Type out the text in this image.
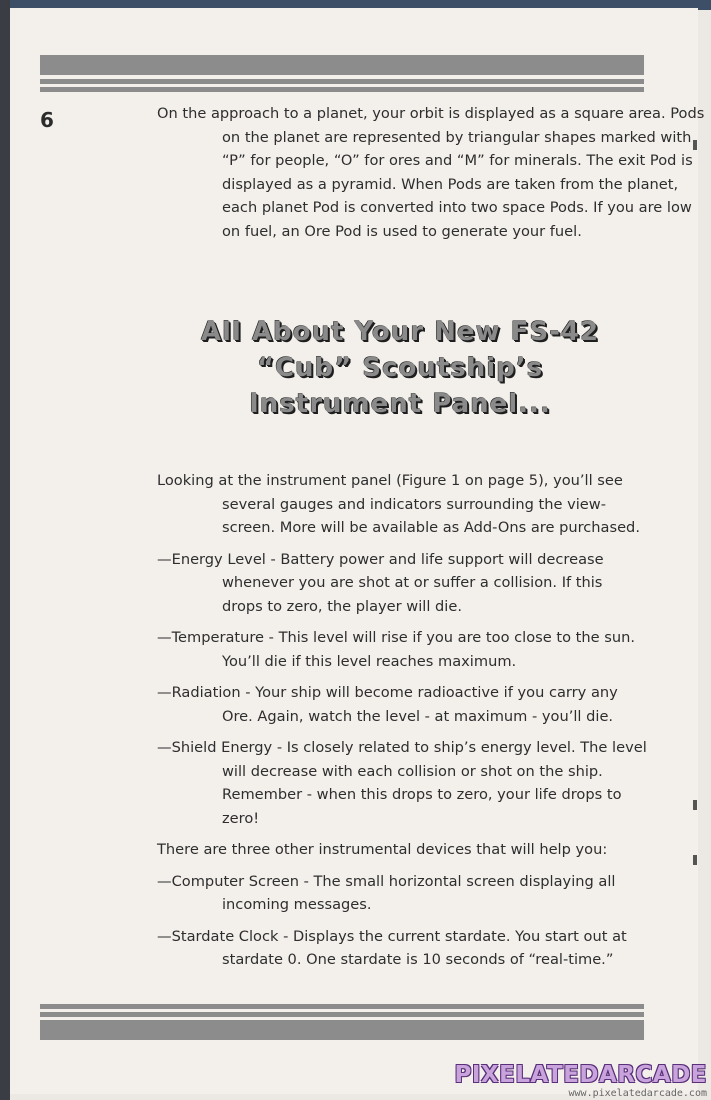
6	On the approach to a planet, your orbit is displayed as a square area. Pods on the planet are represented by triangular shapes marked with “P” for people, “O” for ores and “M” for minerals. The exit Pod is displayed as a pyramid. When Pods are taken from the planet, each planet Pod is converted into two space Pods. If you are low on fuel, an Ore Pod is used to generate your fuel.

All About Your New FS-42
“Cub” Scoutship’s
Instrument Panel...

Looking at the instrument panel (Figure 1 on page 5), you’ll see several gauges and indicators surrounding the view-screen. More will be available as Add-Ons are purchased.

—Energy Level - Battery power and life support will decrease whenever you are shot at or suffer a collision. If this drops to zero, the player will die.

—Temperature - This level will rise if you are too close to the sun. You’ll die if this level reaches maximum.

—Radiation - Your ship will become radioactive if you carry any Ore. Again, watch the level - at maximum - you’ll die.

—Shield Energy - Is closely related to ship’s energy level. The level will decrease with each collision or shot on the ship. Remember - when this drops to zero, your life drops to zero!

There are three other instrumental devices that will help you:

—Computer Screen - The small horizontal screen displaying all incoming messages.

—Stardate Clock - Displays the current stardate. You start out at stardate 0. One stardate is 10 seconds of “real-time.”

PIXELATEDARCADE
www.pixelatedarcade.com
